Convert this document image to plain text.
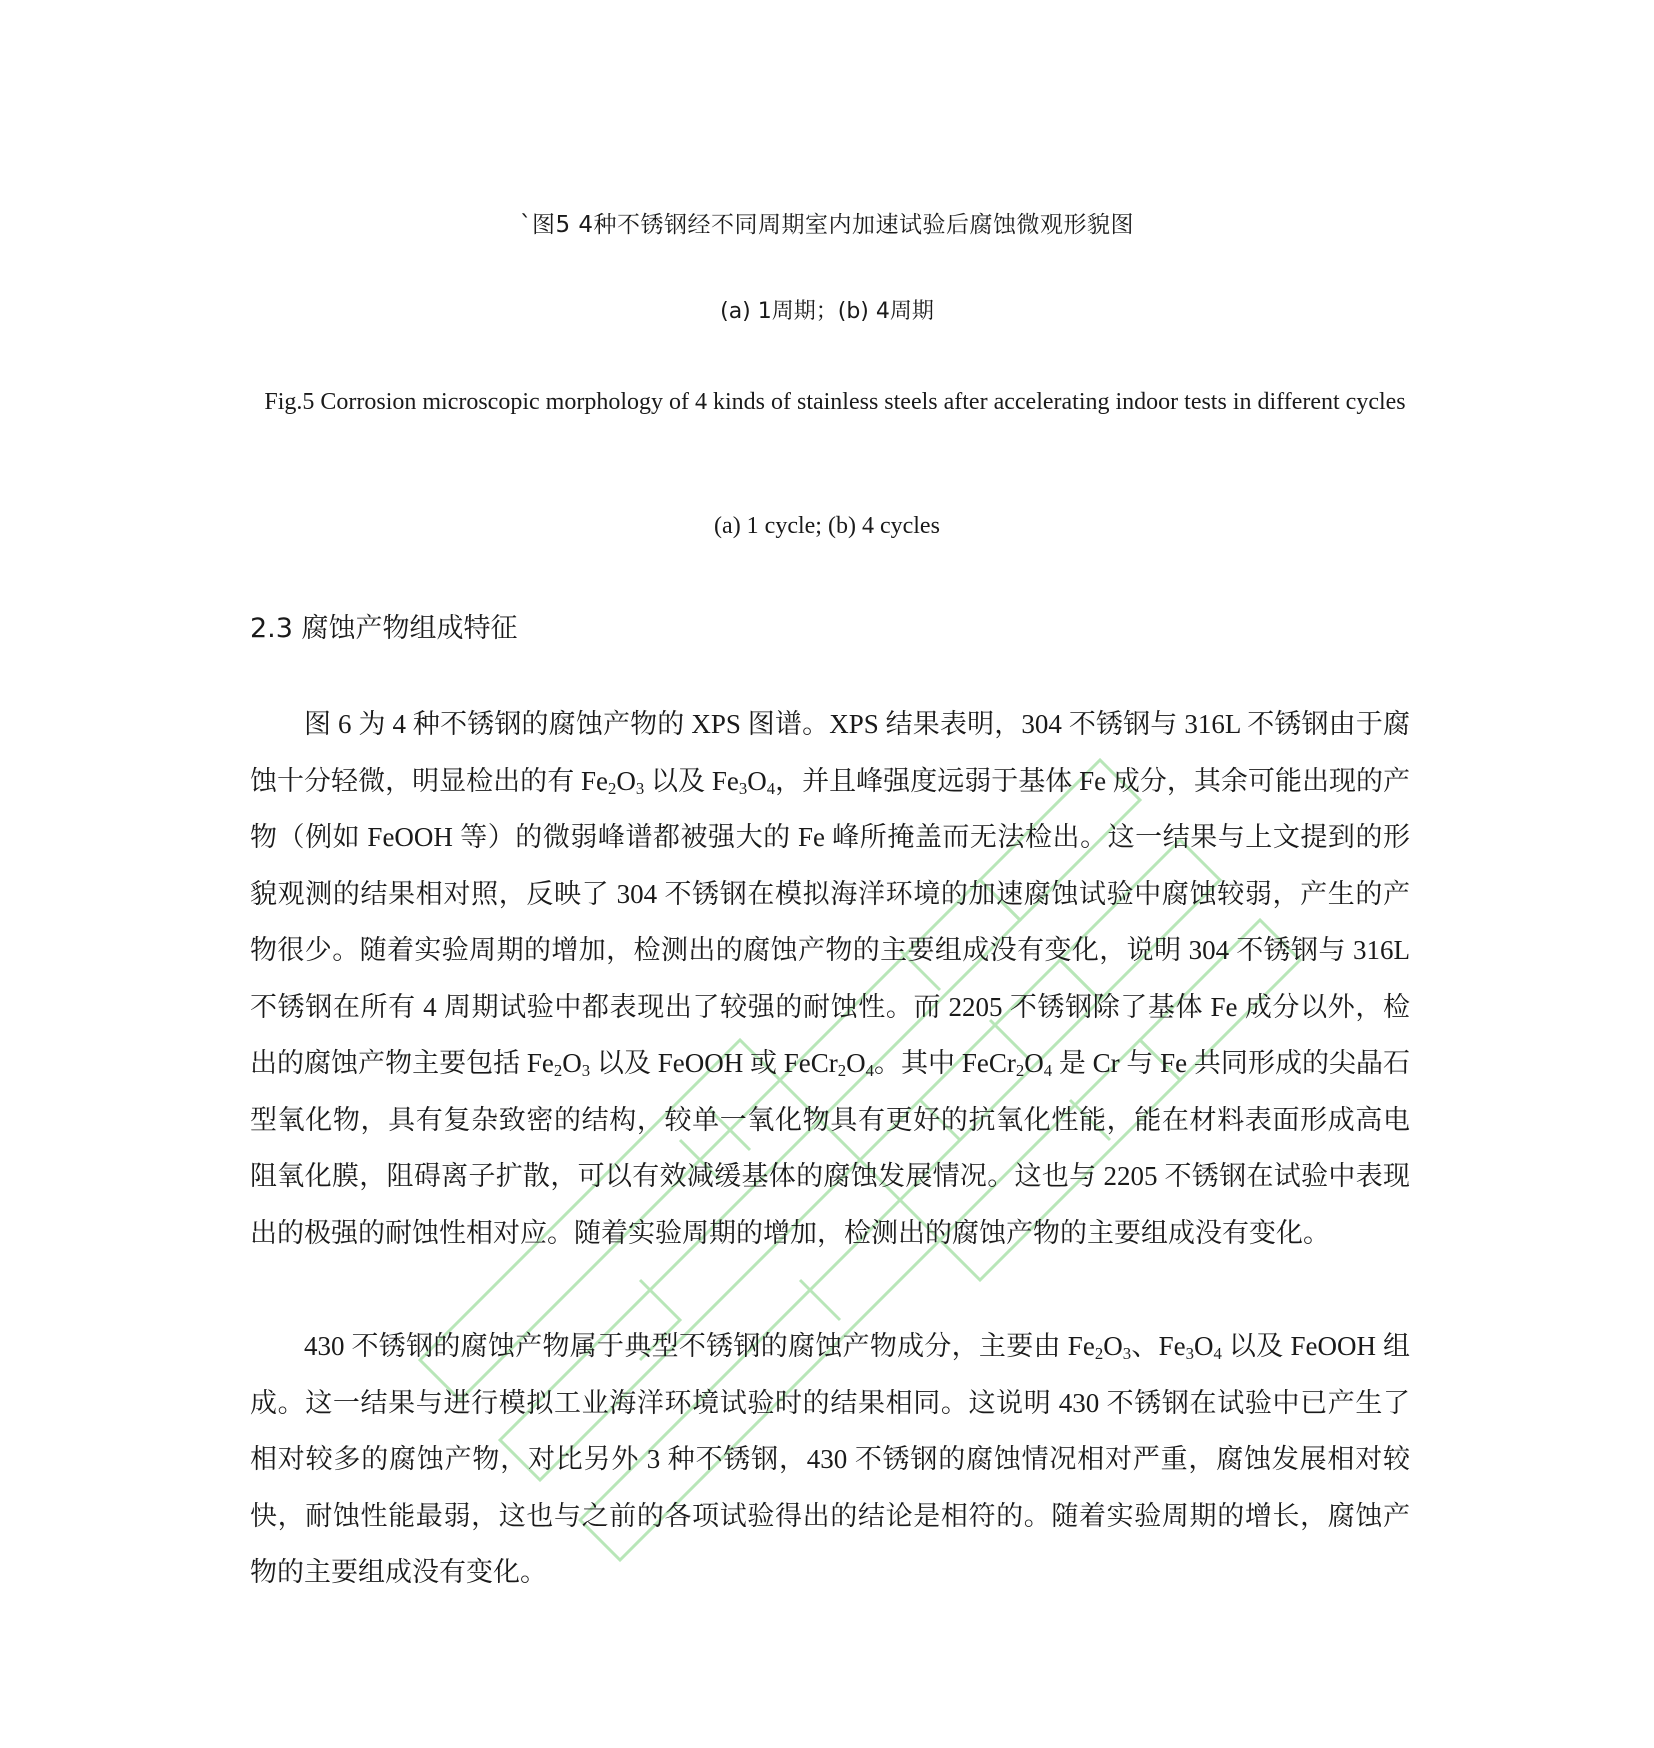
`图5 4种不锈钢经不同周期室内加速试验后腐蚀微观形貌图
(a) 1周期；(b) 4周期
Fig.5 Corrosion microscopic morphology of 4 kinds of stainless steels after accelerating indoor tests in different cycles
(a) 1 cycle; (b) 4 cycles
2.3 腐蚀产物组成特征

图 6 为 4 种不锈钢的腐蚀产物的 XPS 图谱。XPS 结果表明，304 不锈钢与 316L 不锈钢由于腐蚀十分轻微，明显检出的有 $Fe_2O_3$ 以及 $Fe_3O_4$，并且峰强度远弱于基体 Fe 成分，其余可能出现的产物（例如 FeOOH 等）的微弱峰谱都被强大的 Fe 峰所掩盖而无法检出。这一结果与上文提到的形貌观测的结果相对照，反映了 304 不锈钢在模拟海洋环境的加速腐蚀试验中腐蚀较弱，产生的产物很少。随着实验周期的增加，检测出的腐蚀产物的主要组成没有变化，说明 304 不锈钢与 316L 不锈钢在所有 4 周期试验中都表现出了较强的耐蚀性。而 2205 不锈钢除了基体 Fe 成分以外，检出的腐蚀产物主要包括 $Fe_2O_3$ 以及 FeOOH 或 $FeCr_2O_4$。其中 $FeCr_2O_4$ 是 Cr 与 Fe 共同形成的尖晶石型氧化物，具有复杂致密的结构，较单一氧化物具有更好的抗氧化性能，能在材料表面形成高电阻氧化膜，阻碍离子扩散，可以有效减缓基体的腐蚀发展情况。这也与 2205 不锈钢在试验中表现出的极强的耐蚀性相对应。随着实验周期的增加，检测出的腐蚀产物的主要组成没有变化。

430 不锈钢的腐蚀产物属于典型不锈钢的腐蚀产物成分，主要由 $Fe_2O_3$、$Fe_3O_4$ 以及 FeOOH 组成。这一结果与进行模拟工业海洋环境试验时的结果相同。这说明 430 不锈钢在试验中已产生了相对较多的腐蚀产物，对比另外 3 种不锈钢，430 不锈钢的腐蚀情况相对严重，腐蚀发展相对较快，耐蚀性能最弱，这也与之前的各项试验得出的结论是相符的。随着实验周期的增长，腐蚀产物的主要组成没有变化。
